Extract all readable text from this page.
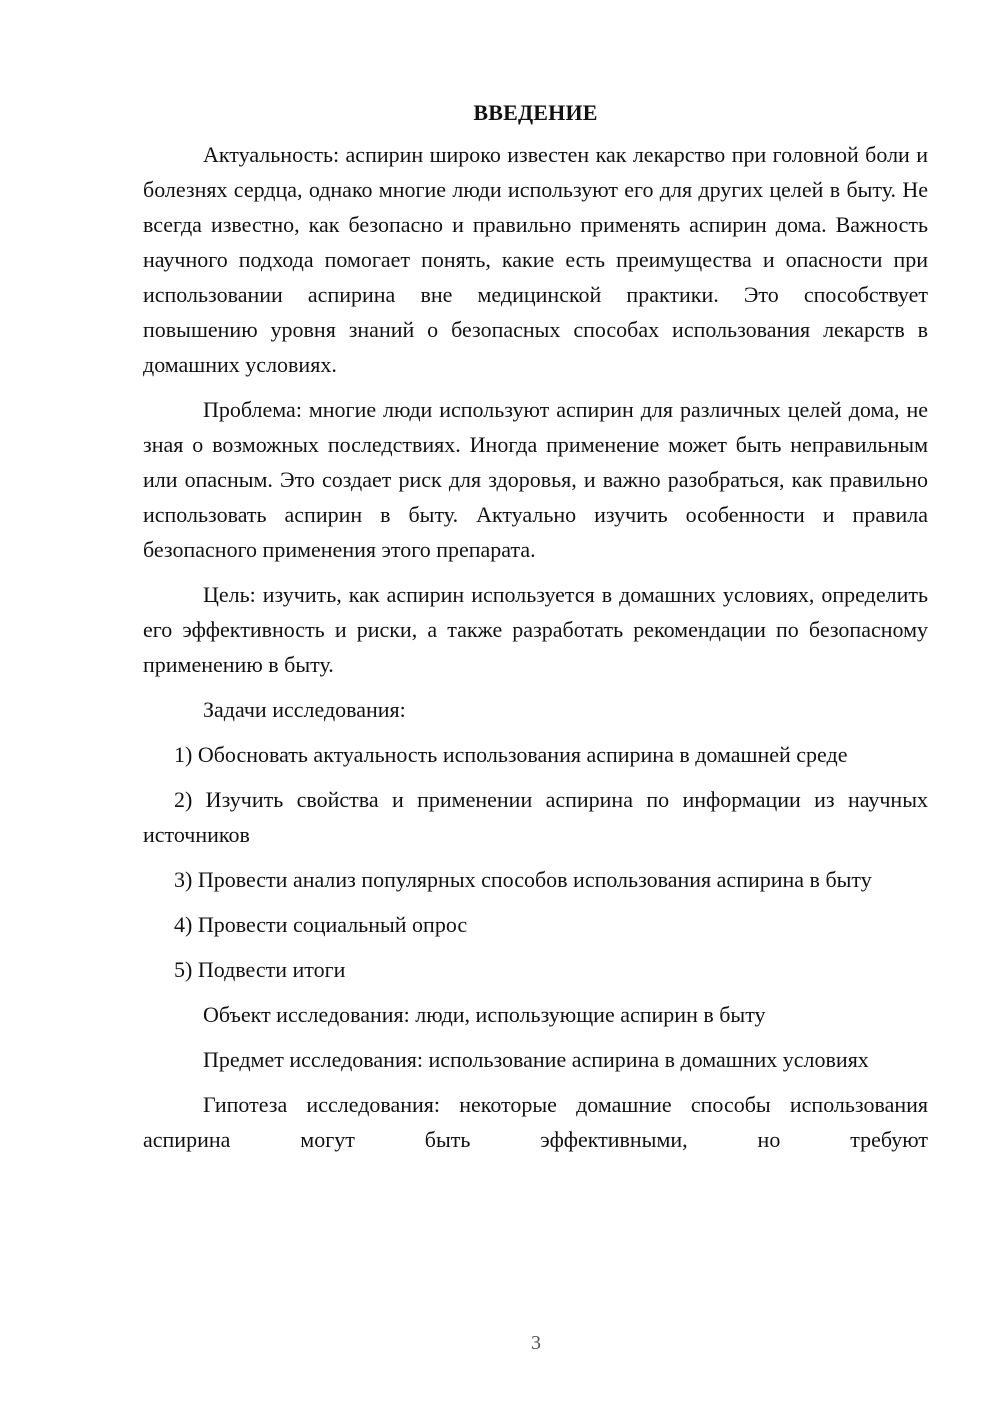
ВВЕДЕНИЕ

Актуальность: аспирин широко известен как лекарство при головной боли и болезнях сердца, однако многие люди используют его для других целей в быту. Не всегда известно, как безопасно и правильно применять аспирин дома. Важность научного подхода помогает понять, какие есть преимущества и опасности при использовании аспирина вне медицинской практики. Это способствует повышению уровня знаний о безопасных способах использования лекарств в домашних условиях.

Проблема: многие люди используют аспирин для различных целей дома, не зная о возможных последствиях. Иногда применение может быть неправильным или опасным. Это создает риск для здоровья, и важно разобраться, как правильно использовать аспирин в быту. Актуально изучить особенности и правила безопасного применения этого препарата.

Цель: изучить, как аспирин используется в домашних условиях, определить его эффективность и риски, а также разработать рекомендации по безопасному применению в быту.

Задачи исследования:

1) Обосновать актуальность использования аспирина в домашней среде

2) Изучить свойства и применении аспирина по информации из научных источников

3) Провести анализ популярных способов использования аспирина в быту

4) Провести социальный опрос

5) Подвести итоги

Объект исследования: люди, использующие аспирин в быту

Предмет исследования: использование аспирина в домашних условиях

Гипотеза исследования: некоторые домашние способы использования аспирина могут быть эффективными, но требуют

3
